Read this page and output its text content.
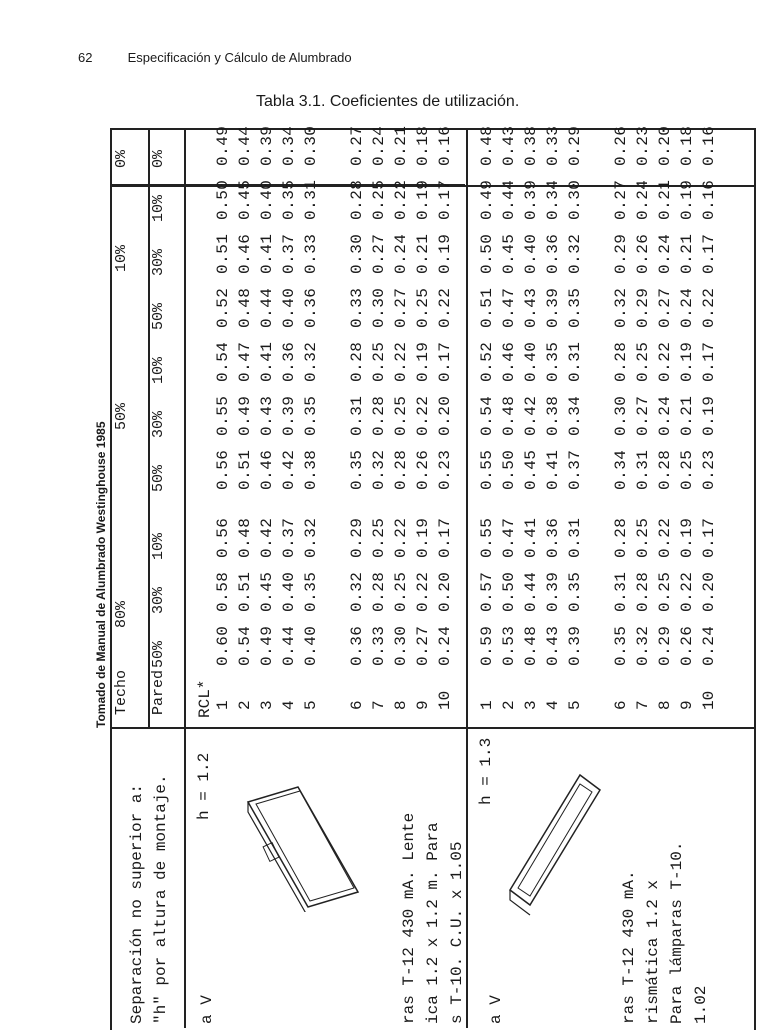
62	Especificación y Cálculo de Alumbrado
Tabla 3.1. Coeficientes de utilización.
Tomado de Manual de Alumbrado Westinghouse 1985 Techo Pared
80%
50%
10%
0%
50%
30%
10%
50%
30%
10%
50%
30%
10%
0%
RCL* 1 2 3 4 5 6 7 8 9 10
0.60 0.54 0.49 0.44 0.40 0.36 0.33 0.30 0.27 0.24
0.58 0.51 0.45 0.40 0.35 0.32 0.28 0.25 0.22 0.20
0.56 0.48 0.42 0.37 0.32 0.29 0.25 0.22 0.19 0.17
0.56 0.51 0.46 0.42 0.38 0.35 0.32 0.28 0.26 0.23
0.55 0.49 0.43 0.39 0.35 0.31 0.28 0.25 0.22 0.20
0.54 0.47 0.41 0.36 0.32 0.28 0.25 0.22 0.19 0.17
0.52 0.48 0.44 0.40 0.36 0.33 0.30 0.27 0.25 0.22
0.51 0.46 0.41 0.37 0.33 0.30 0.27 0.24 0.21 0.19
0.50 0.45 0.40 0.35 0.31 0.28 0.25 0.22 0.19 0.17
0.49 0.44 0.39 0.34 0.30 0.27 0.24 0.21 0.18 0.16
h = 1.2
ras T-12 430 mA. Lente ica 1.2 x 1.2 m. Para s T-10. C.U. x 1.05
a V
1 2 3 4 5 6 7 8 9 10
0.59 0.53 0.48 0.43 0.39 0.35 0.32 0.29 0.26 0.24
0.57 0.50 0.44 0.39 0.35 0.31 0.28 0.25 0.22 0.20
0.55 0.47 0.41 0.36 0.31 0.28 0.25 0.22 0.19 0.17
0.55 0.50 0.45 0.41 0.37 0.34 0.31 0.28 0.25 0.23
0.54 0.48 0.42 0.38 0.34 0.30 0.27 0.24 0.21 0.19
0.52 0.46 0.40 0.35 0.31 0.28 0.25 0.22 0.19 0.17
0.51 0.47 0.43 0.39 0.35 0.32 0.29 0.27 0.24 0.22
0.50 0.45 0.40 0.36 0.32 0.29 0.26 0.24 0.21 0.17
0.49 0.44 0.39 0.34 0.30 0.27 0.24 0.21 0.19 0.16
0.48 0.43 0.38 0.33 0.29 0.26 0.23 0.20 0.18 0.16
h = 1.3
ras T-12 430 mA. rismática 1.2 x Para lámparas T-10. 1.02
a V
Separación no superior a: "h" por altura de montaje.
